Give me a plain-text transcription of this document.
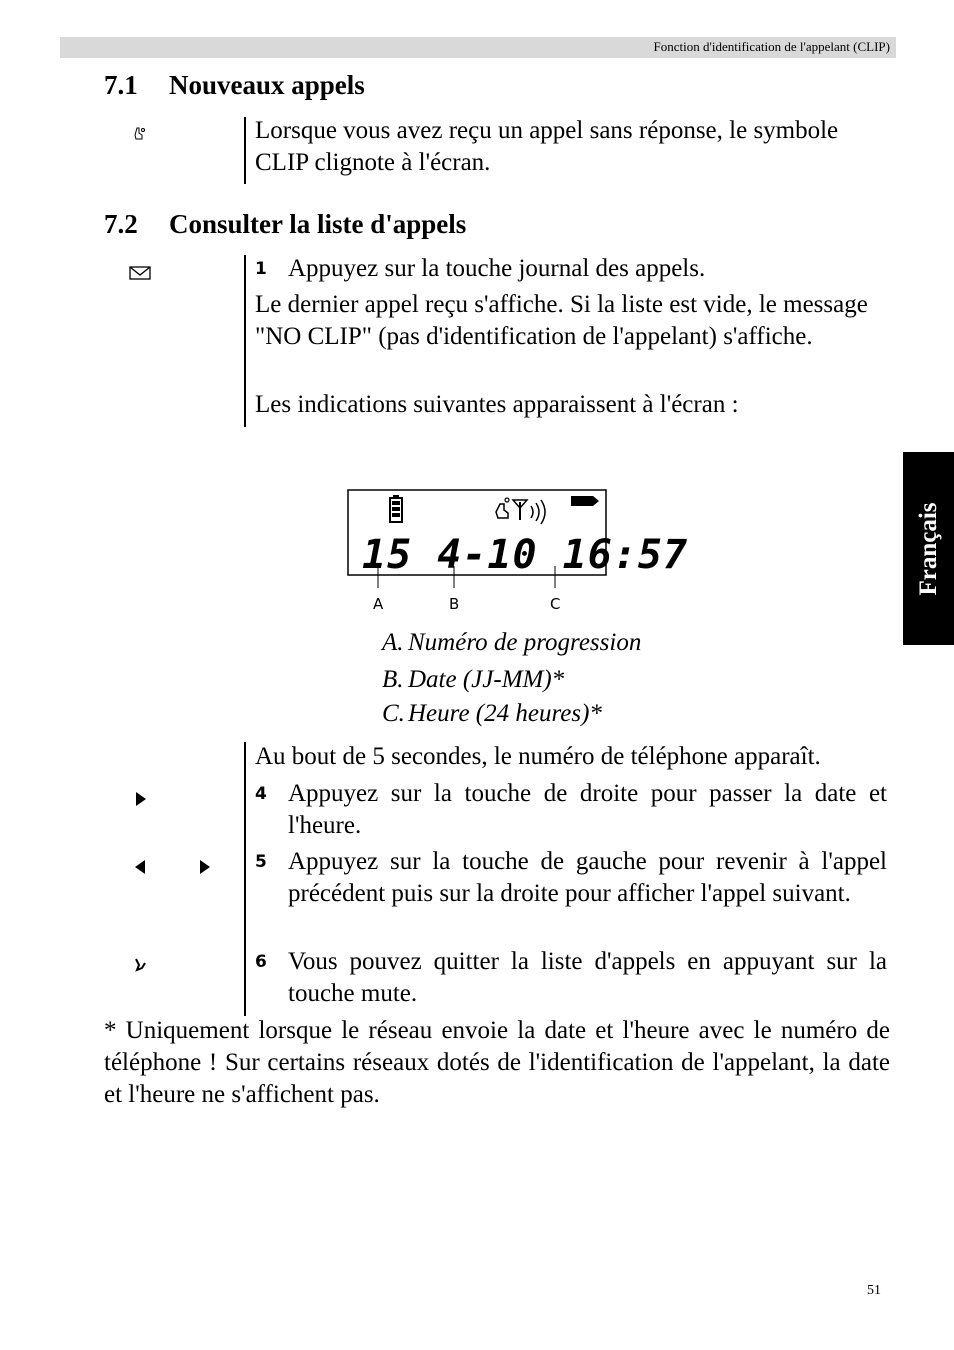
Fonction d'identification de l'appelant (CLIP)
7.1 Nouveaux appels
Lorsque vous avez reçu un appel sans réponse, le symbole CLIP clignote à l'écran.
7.2 Consulter la liste d'appels
1 Appuyez sur la touche journal des appels.
Le dernier appel reçu s'affiche. Si la liste est vide, le message "NO CLIP" (pas d'identification de l'appelant) s'affiche.
Les indications suivantes apparaissent à l'écran :
15 4-10 16:57
A	B	C
A. Numéro de progression
B. Date (JJ-MM)*
C. Heure (24 heures)*
Au bout de 5 secondes, le numéro de téléphone apparaît.
4 Appuyez sur la touche de droite pour passer la date et l'heure.
5 Appuyez sur la touche de gauche pour revenir à l'appel précédent puis sur la droite pour afficher l'appel suivant.
6 Vous pouvez quitter la liste d'appels en appuyant sur la touche mute.
* Uniquement lorsque le réseau envoie la date et l'heure avec le numéro de téléphone ! Sur certains réseaux dotés de l'identification de l'appelant, la date et l'heure ne s'affichent pas.
Français
51
